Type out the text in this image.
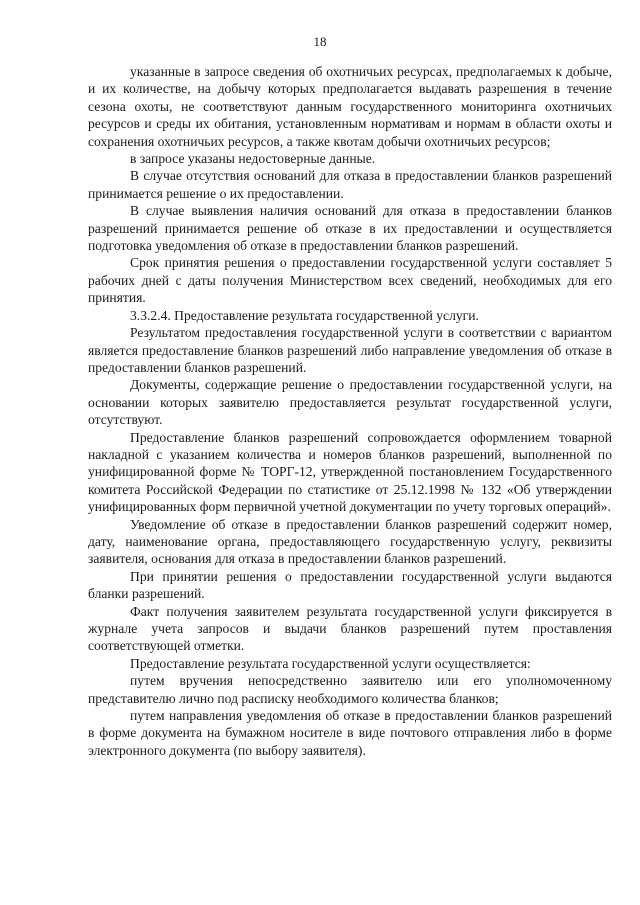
18

указанные в запросе сведения об охотничьих ресурсах, предполагаемых к добыче, и их количестве, на добычу которых предполагается выдавать разрешения в течение сезона охоты, не соответствуют данным государственного мониторинга охотничьих ресурсов и среды их обитания, установленным нормативам и нормам в области охоты и сохранения охотничьих ресурсов, а также квотам добычи охотничьих ресурсов;

в запросе указаны недостоверные данные.

В случае отсутствия оснований для отказа в предоставлении бланков разрешений принимается решение о их предоставлении.

В случае выявления наличия оснований для отказа в предоставлении бланков разрешений принимается решение об отказе в их предоставлении и осуществляется подготовка уведомления об отказе в предоставлении бланков разрешений.

Срок принятия решения о предоставлении государственной услуги составляет 5 рабочих дней с даты получения Министерством всех сведений, необходимых для его принятия.

3.3.2.4. Предоставление результата государственной услуги.

Результатом предоставления государственной услуги в соответствии с вариантом является предоставление бланков разрешений либо направление уведомления об отказе в предоставлении бланков разрешений.

Документы, содержащие решение о предоставлении государственной услуги, на основании которых заявителю предоставляется результат государственной услуги, отсутствуют.

Предоставление бланков разрешений сопровождается оформлением товарной накладной с указанием количества и номеров бланков разрешений, выполненной по унифицированной форме № ТОРГ-12, утвержденной постановлением Государственного комитета Российской Федерации по статистике от 25.12.1998 № 132 «Об утверждении унифицированных форм первичной учетной документации по учету торговых операций».

Уведомление об отказе в предоставлении бланков разрешений содержит номер, дату, наименование органа, предоставляющего государственную услугу, реквизиты заявителя, основания для отказа в предоставлении бланков разрешений.

При принятии решения о предоставлении государственной услуги выдаются бланки разрешений.

Факт получения заявителем результата государственной услуги фиксируется в журнале учета запросов и выдачи бланков разрешений путем проставления соответствующей отметки.

Предоставление результата государственной услуги осуществляется:

путем вручения непосредственно заявителю или его уполномоченному представителю лично под расписку необходимого количества бланков;

путем направления уведомления об отказе в предоставлении бланков разрешений в форме документа на бумажном носителе в виде почтового отправления либо в форме электронного документа (по выбору заявителя).
